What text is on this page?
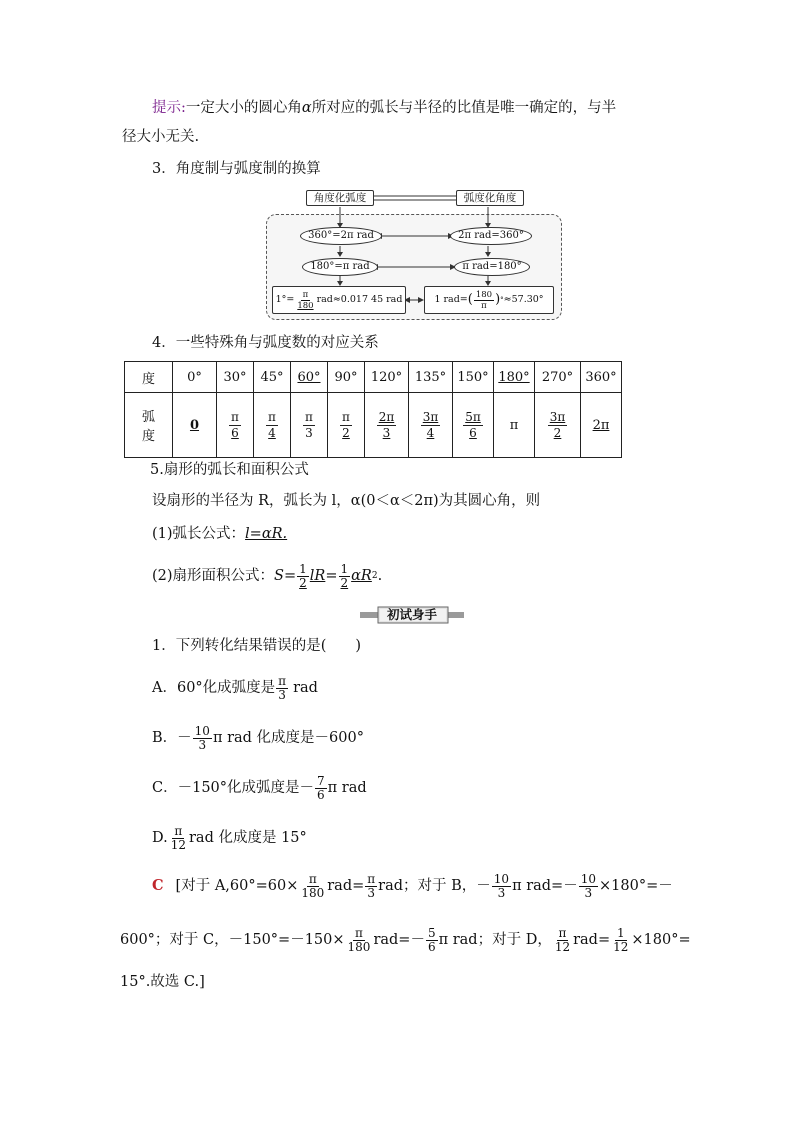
提示:一定大小的圆心角α所对应的弧长与半径的比值是唯一确定的，与半
径大小无关.
3．角度制与弧度制的换算
角度化弧度	弧度化角度
360°=2π rad	2π rad=360°
180°=π rad	π rad=180°
$1^\circ= \frac{\pi}{180} rad\approx 0.017$ 45 rad	1 rad= ( $\frac{180}{\pi}$ ) ° ≈57.30°
4．一些特殊角与弧度数的对应关系
度	0°	30°	45°	60°	90°	120°	135°	150°	180°	270°	360°
弧
度	0	$\frac{\pi}{6}$	$\frac{\pi}{4}$	$\frac{\pi}{3}$	$\frac{\pi}{2}$	$\frac{2\pi}{3}$	$\frac{3\pi}{4}$	$\frac{5\pi}{6}$	π	$\frac{3\pi}{2}$	2π
5.扇形的弧长和面积公式
设扇形的半径为 R，弧长为 l，α(0＜α＜2π)为其圆心角，则
(1)弧长公式：l=αR.
(2)扇形面积公式： $S= \frac{1}{2}$ lR = $\frac{1}{2}$ αR 2 .
初试身手
1．下列转化结果错误的是(　　)
A．60°化成弧度是 $\frac{\pi}{3}$ rad
B．－ $\frac{10}{3}$ π rad 化成度是－600°
C．－150°化成弧度是－ $\frac{7}{6}$ π rad
D. $\frac{\pi}{12}$ rad 化成度是 15°
C [对于 $A,60^\circ=60\times \frac{\pi}{180} rad= \frac{\pi}{3}$ rad；对于 B，－ $\frac{10}{3}$ π $rad=- \frac{10}{3} \times 180^\circ=-$
600°；对于 C，$-150^\circ=-150\times \frac{\pi}{180} rad=- \frac{5}{6}$ π rad；对于 D， $\frac{\pi}{12} rad= \frac{1}{12} \times 180^\circ=$
15°.故选 C.]
